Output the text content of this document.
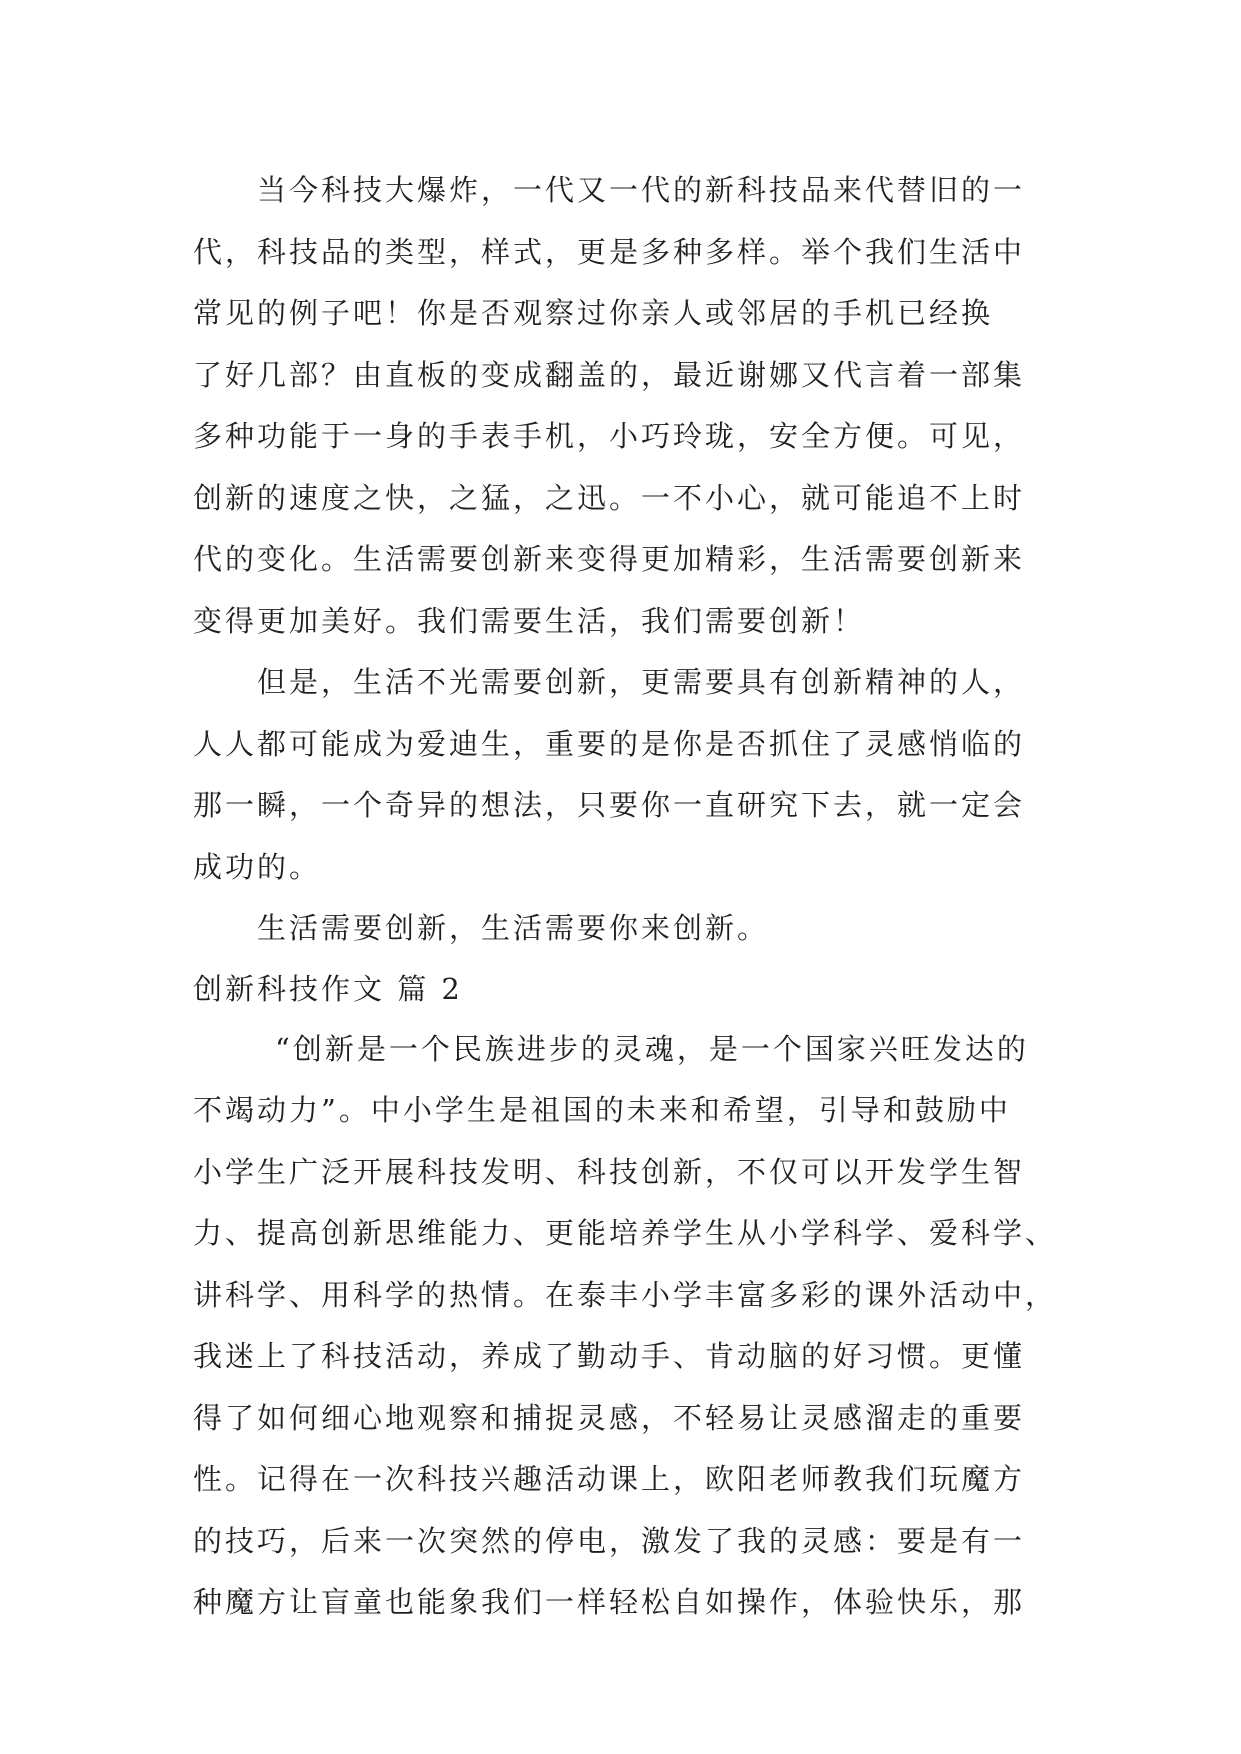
当今科技大爆炸，一代又一代的新科技品来代替旧的一
代，科技品的类型，样式，更是多种多样。举个我们生活中
常见的例子吧！你是否观察过你亲人或邻居的手机已经换
了好几部？由直板的变成翻盖的，最近谢娜又代言着一部集
多种功能于一身的手表手机，小巧玲珑，安全方便。可见，
创新的速度之快，之猛，之迅。一不小心，就可能追不上时
代的变化。生活需要创新来变得更加精彩，生活需要创新来
变得更加美好。我们需要生活，我们需要创新！
但是，生活不光需要创新，更需要具有创新精神的人，
人人都可能成为爱迪生，重要的是你是否抓住了灵感悄临的
那一瞬，一个奇异的想法，只要你一直研究下去，就一定会
成功的。
生活需要创新，生活需要你来创新。
创新科技作文 篇 2
“创新是一个民族进步的灵魂，是一个国家兴旺发达的
不竭动力”。中小学生是祖国的未来和希望，引导和鼓励中
小学生广泛开展科技发明、科技创新，不仅可以开发学生智
力、提高创新思维能力、更能培养学生从小学科学、爱科学、
讲科学、用科学的热情。在泰丰小学丰富多彩的课外活动中，
我迷上了科技活动，养成了勤动手、肯动脑的好习惯。更懂
得了如何细心地观察和捕捉灵感，不轻易让灵感溜走的重要
性。记得在一次科技兴趣活动课上，欧阳老师教我们玩魔方
的技巧，后来一次突然的停电，激发了我的灵感：要是有一
种魔方让盲童也能象我们一样轻松自如操作，体验快乐，那
